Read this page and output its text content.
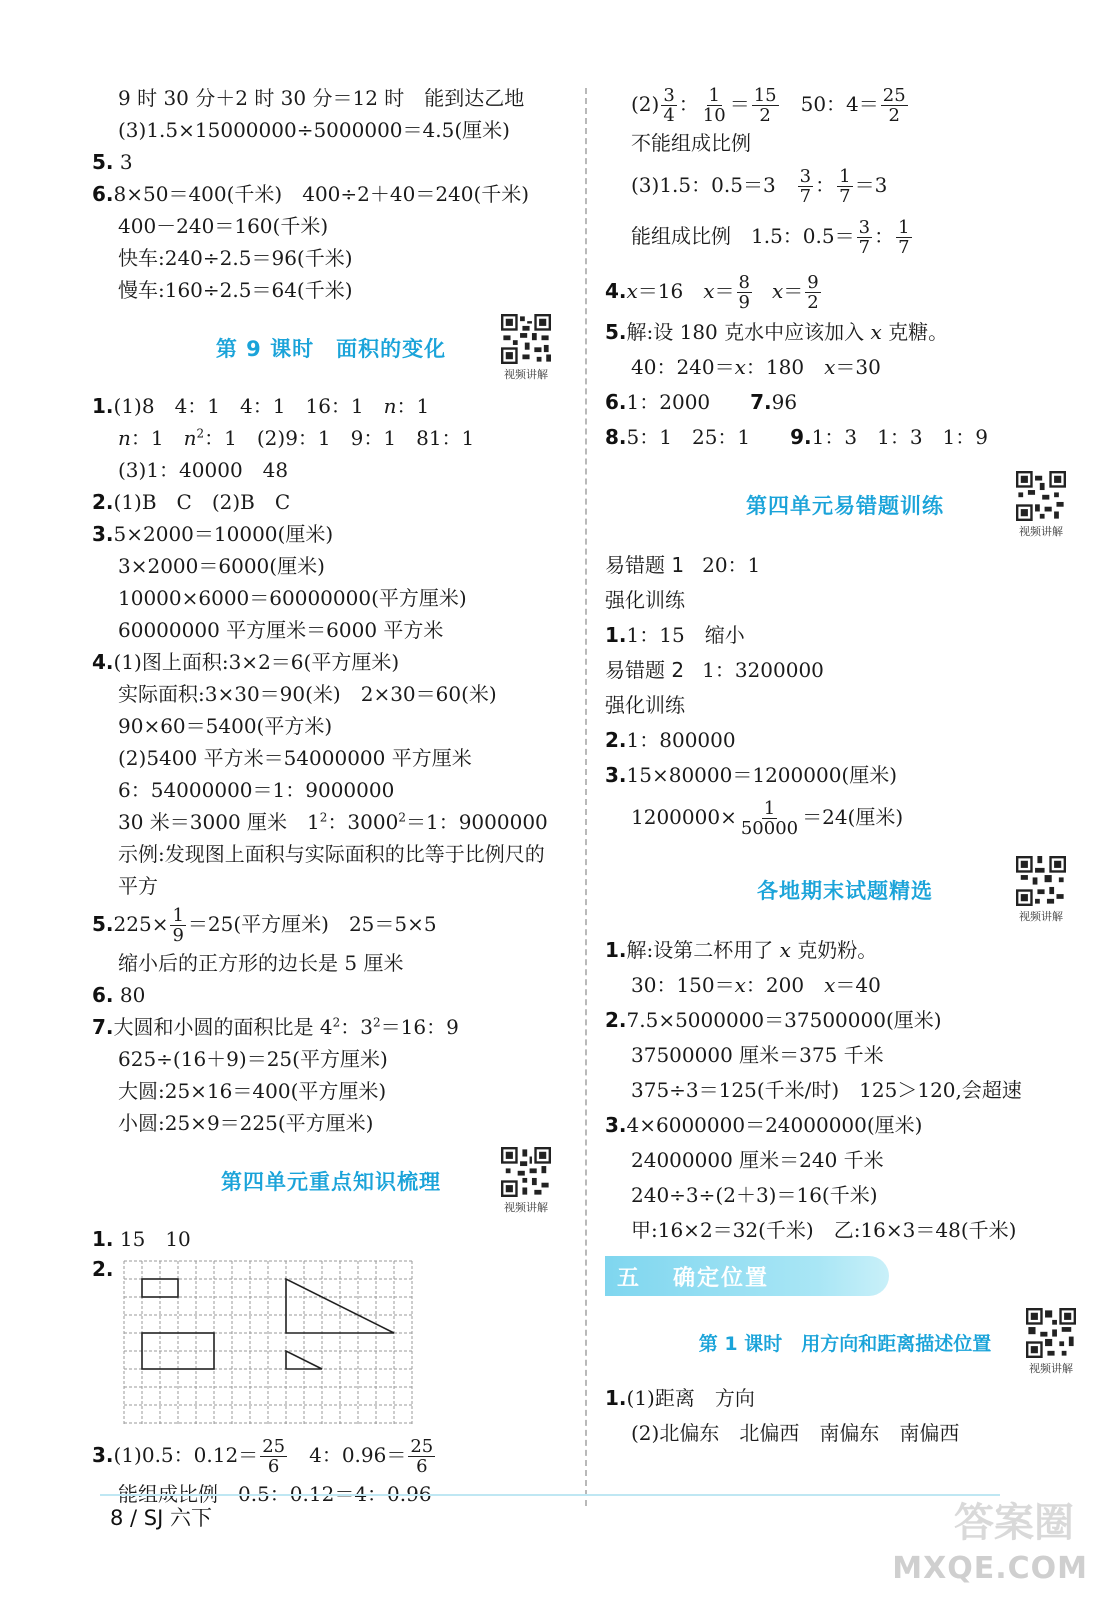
9 时 30 分＋2 时 30 分＝12 时　能到达乙地
(3)1.5×15000000÷5000000＝4.5(厘米)
5. 3
6.8×50＝400(千米)　400÷2＋40＝240(千米)
400－240＝160(千米)
快车:240÷2.5＝96(千米)
慢车:160÷2.5＝64(千米)
第 9 课时　面积的变化
视频讲解
1.(1)8　4：1　4：1　16：1　n：1
n：1　$n^2$：1　(2)9：1　9：1　81：1
(3)1：40000　48
2.(1)B　C　(2)B　C
3.5×2000＝10000(厘米)
3×2000＝6000(厘米)
10000×6000＝60000000(平方厘米)
60000000 平方厘米＝6000 平方米
4.(1)图上面积:3×2＝6(平方厘米)
实际面积:3×30＝90(米)　2×30＝60(米)
90×60＝5400(平方米)
(2)5400 平方米＝54000000 平方厘米
6：54000000＝1：9000000
30 米＝3000 厘米　$1^2$：$3000^2=1$：9000000
示例:发现图上面积与实际面积的比等于比例尺的平方
$5.225\times \frac{1}{9} =25$(平方厘米)　25＝5×5
缩小后的正方形的边长是 5 厘米
6. 80
7.大圆和小圆的面积比是 $4^2$：$3^2=16$：9
625÷(16＋9)＝25(平方厘米)
大圆:25×16＝400(平方厘米)
小圆:25×9＝225(平方厘米)
第四单元重点知识梳理
视频讲解
1. 15　10
2.
3.(1)0.5：$0.12= \frac{25}{6}$ 　4：$0.96= \frac{25}{6}$
能组成比例　0.5：0.12＝4：0.96
$(2) \frac{3}{4}$ ： $\frac{1}{10} = \frac{15}{2}$ 　50：$4= \frac{25}{2}$
不能组成比例
(3)1.5：0.5＝3　 $\frac{3}{7}$ ： $\frac{1}{7} =3$
能组成比例　1.5：$0.5= \frac{3}{7}$ ： $\frac{1}{7}$
4.x＝16　$x= \frac{8}{9} x= \frac{9}{2}$
5.解:设 180 克水中应该加入 x 克糖。
40：240＝x：180　x＝30
6.1：2000 7.96
8.5：1　25：1 9.1：3　1：3　1：9
第四单元易错题训练
视频讲解
易错题 1 20：1
强化训练
1.1：15　缩小
易错题 2 1：3200000
强化训练
2.1：800000
3.15×80000＝1200000(厘米)
$1200000\times \frac{1}{50000} =24$(厘米)
各地期末试题精选
视频讲解
1.解:设第二杯用了 x 克奶粉。
30：150＝x：200　x＝40
2.7.5×5000000＝37500000(厘米)
37500000 厘米＝375 千米
375÷3＝125(千米/时)　125＞120,会超速
3.4×6000000＝24000000(厘米)
24000000 厘米＝240 千米
240÷3÷(2＋3)＝16(千米)
甲:16×2＝32(千米)　乙:16×3＝48(千米)
五 确定位置
第 1 课时　用方向和距离描述位置
视频讲解
1.(1)距离　方向
(2)北偏东　北偏西　南偏东　南偏西
8 / SJ 六下	答案圈
MXQE.COM
